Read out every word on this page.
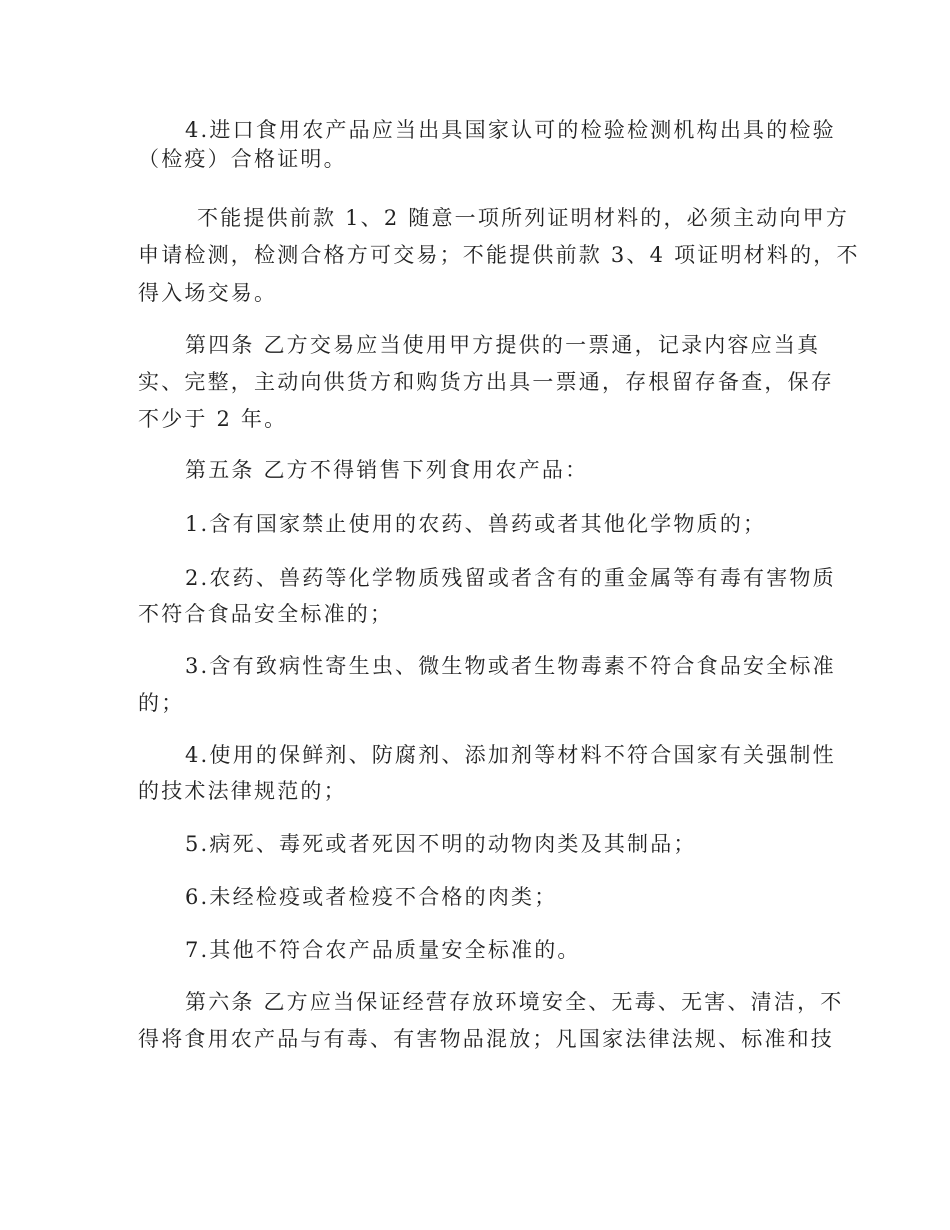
4.进口食用农产品应当出具国家认可的检验检测机构出具的检验
（检疫）合格证明。
不能提供前款 1、2 随意一项所列证明材料的，必须主动向甲方
申请检测，检测合格方可交易；不能提供前款 3、4 项证明材料的，不
得入场交易。
第四条 乙方交易应当使用甲方提供的一票通，记录内容应当真
实、完整，主动向供货方和购货方出具一票通，存根留存备查，保存
不少于 2 年。
第五条 乙方不得销售下列食用农产品：
1.含有国家禁止使用的农药、兽药或者其他化学物质的；
2.农药、兽药等化学物质残留或者含有的重金属等有毒有害物质
不符合食品安全标准的；
3.含有致病性寄生虫、微生物或者生物毒素不符合食品安全标准
的；
4.使用的保鲜剂、防腐剂、添加剂等材料不符合国家有关强制性
的技术法律规范的；
5.病死、毒死或者死因不明的动物肉类及其制品；
6.未经检疫或者检疫不合格的肉类；
7.其他不符合农产品质量安全标准的。
第六条 乙方应当保证经营存放环境安全、无毒、无害、清洁，不
得将食用农产品与有毒、有害物品混放；凡国家法律法规、标准和技
